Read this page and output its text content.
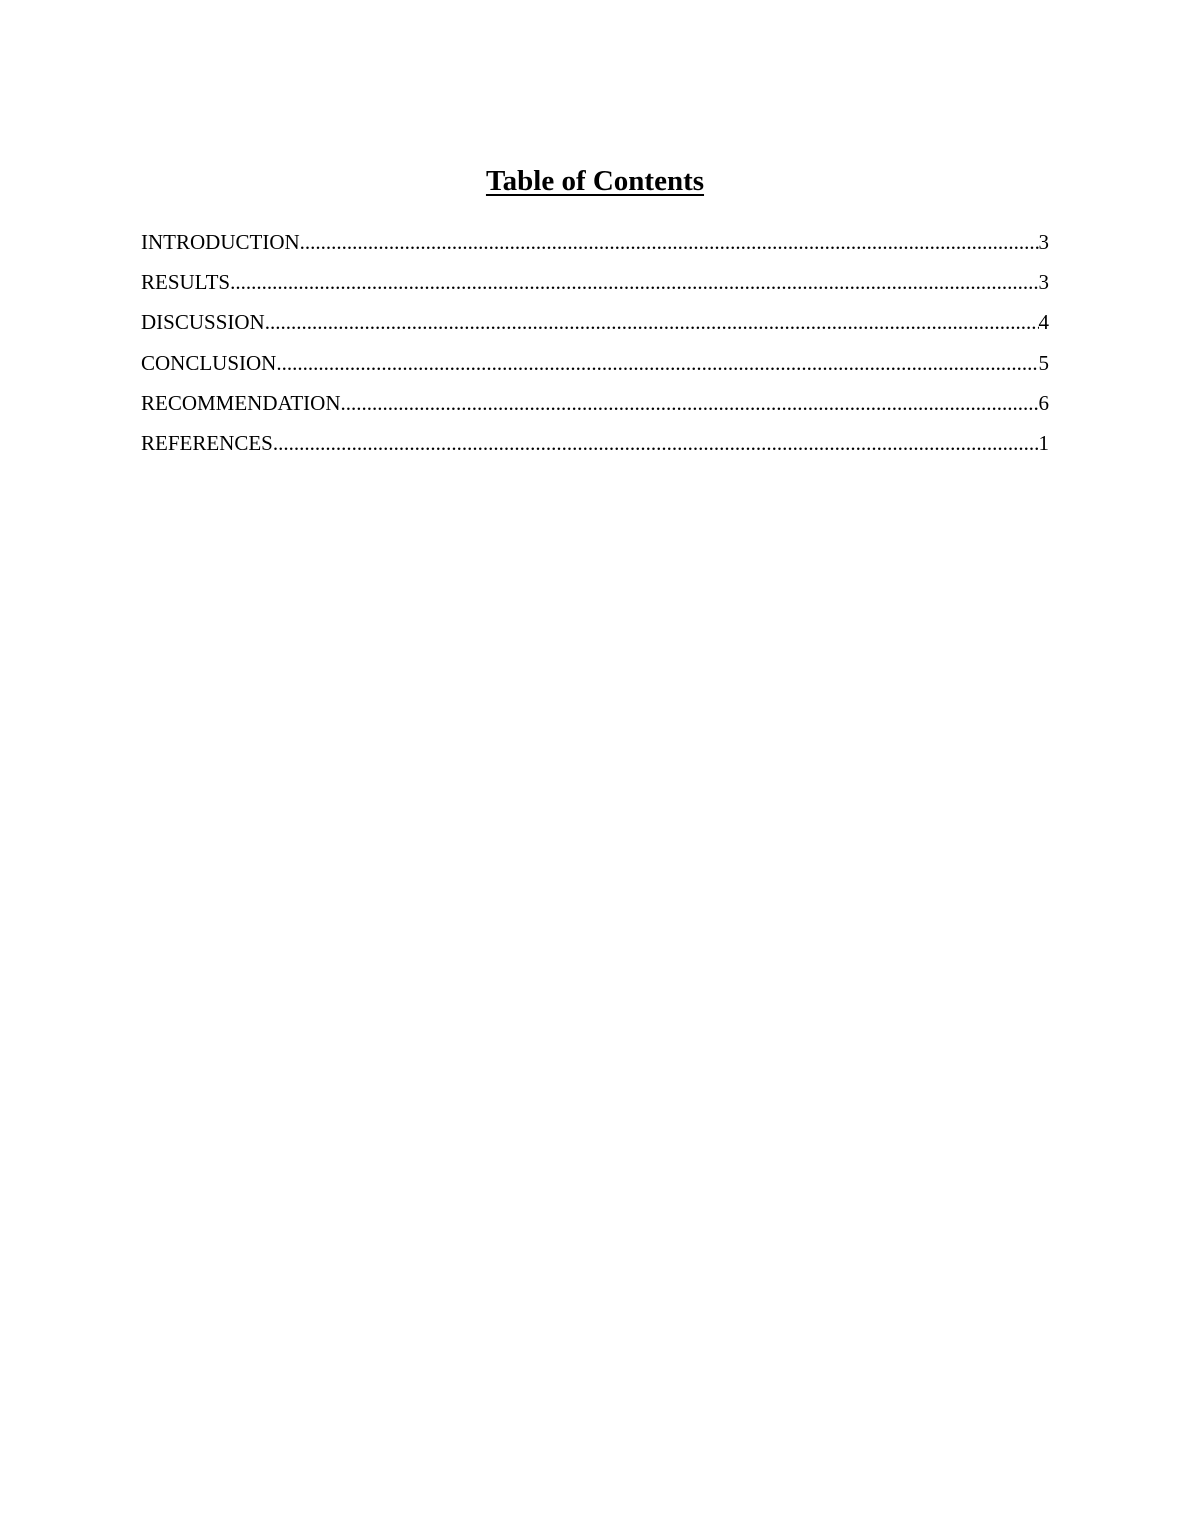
Table of Contents
INTRODUCTION .....	3
RESULTS .....	3
DISCUSSION .....	4
CONCLUSION .....	5
RECOMMENDATION .....	6
REFERENCES .....	1
